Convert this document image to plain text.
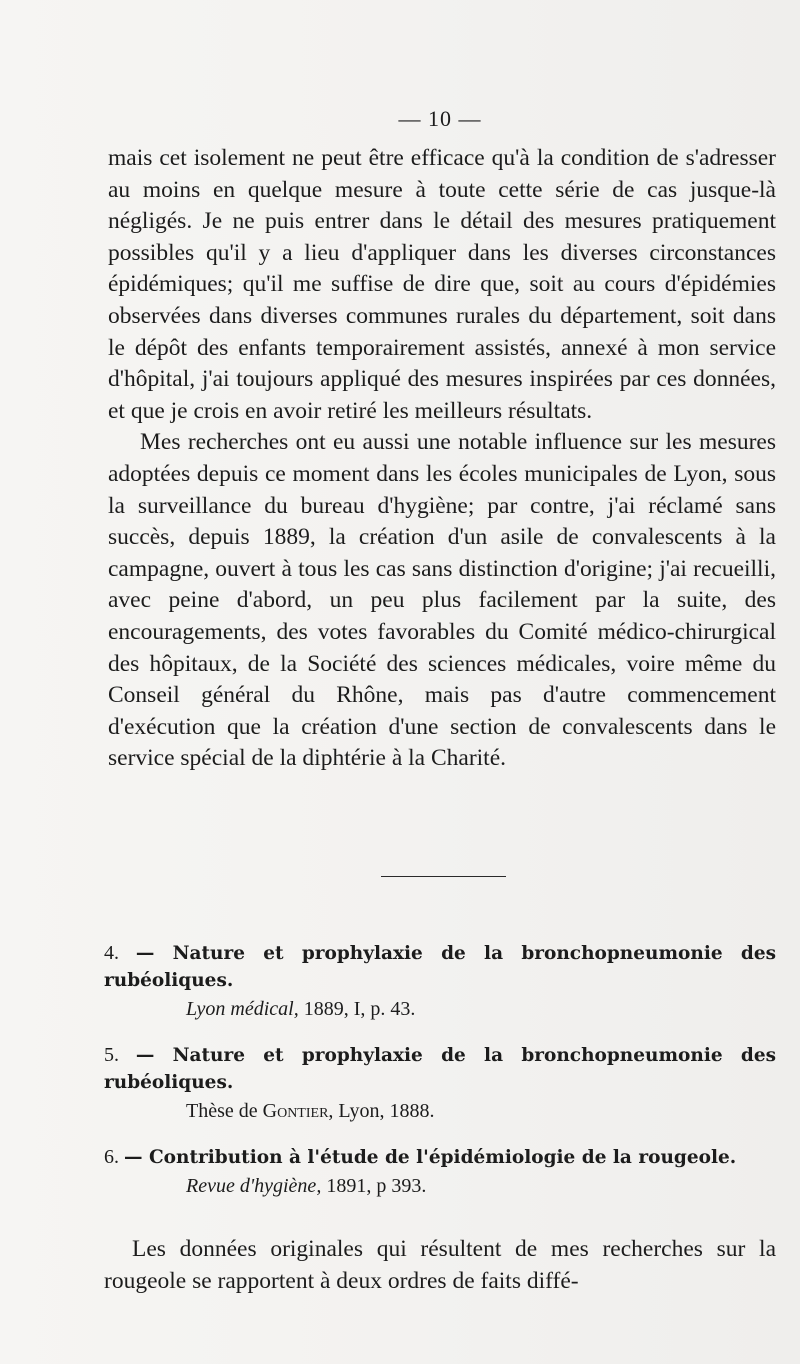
— 10 —

mais cet isolement ne peut être efficace qu'à la condition de s'adresser au moins en quelque mesure à toute cette série de cas jusque-là négligés. Je ne puis entrer dans le détail des mesures pratiquement possibles qu'il y a lieu d'appliquer dans les diverses circonstances épidémiques; qu'il me suffise de dire que, soit au cours d'épidémies observées dans diverses communes rurales du département, soit dans le dépôt des enfants temporairement assistés, annexé à mon service d'hôpital, j'ai toujours appliqué des mesures inspirées par ces données, et que je crois en avoir retiré les meilleurs résultats.

Mes recherches ont eu aussi une notable influence sur les mesures adoptées depuis ce moment dans les écoles municipales de Lyon, sous la surveillance du bureau d'hygiène; par contre, j'ai réclamé sans succès, depuis 1889, la création d'un asile de convalescents à la campagne, ouvert à tous les cas sans distinction d'origine; j'ai recueilli, avec peine d'abord, un peu plus facilement par la suite, des encouragements, des votes favorables du Comité médico-chirurgical des hôpitaux, de la Société des sciences médicales, voire même du Conseil général du Rhône, mais pas d'autre commencement d'exécution que la création d'une section de convalescents dans le service spécial de la diphtérie à la Charité.

4. — Nature et prophylaxie de la bronchopneumonie des rubéoliques.
Lyon médical, 1889, I, p. 43.
5. — Nature et prophylaxie de la bronchopneumonie des rubéoliques.
Thèse de Gontier, Lyon, 1888.
6. — Contribution à l'étude de l'épidémiologie de la rougeole.
Revue d'hygiène, 1891, p 393.
Les données originales qui résultent de mes recherches sur la rougeole se rapportent à deux ordres de faits diffé-
